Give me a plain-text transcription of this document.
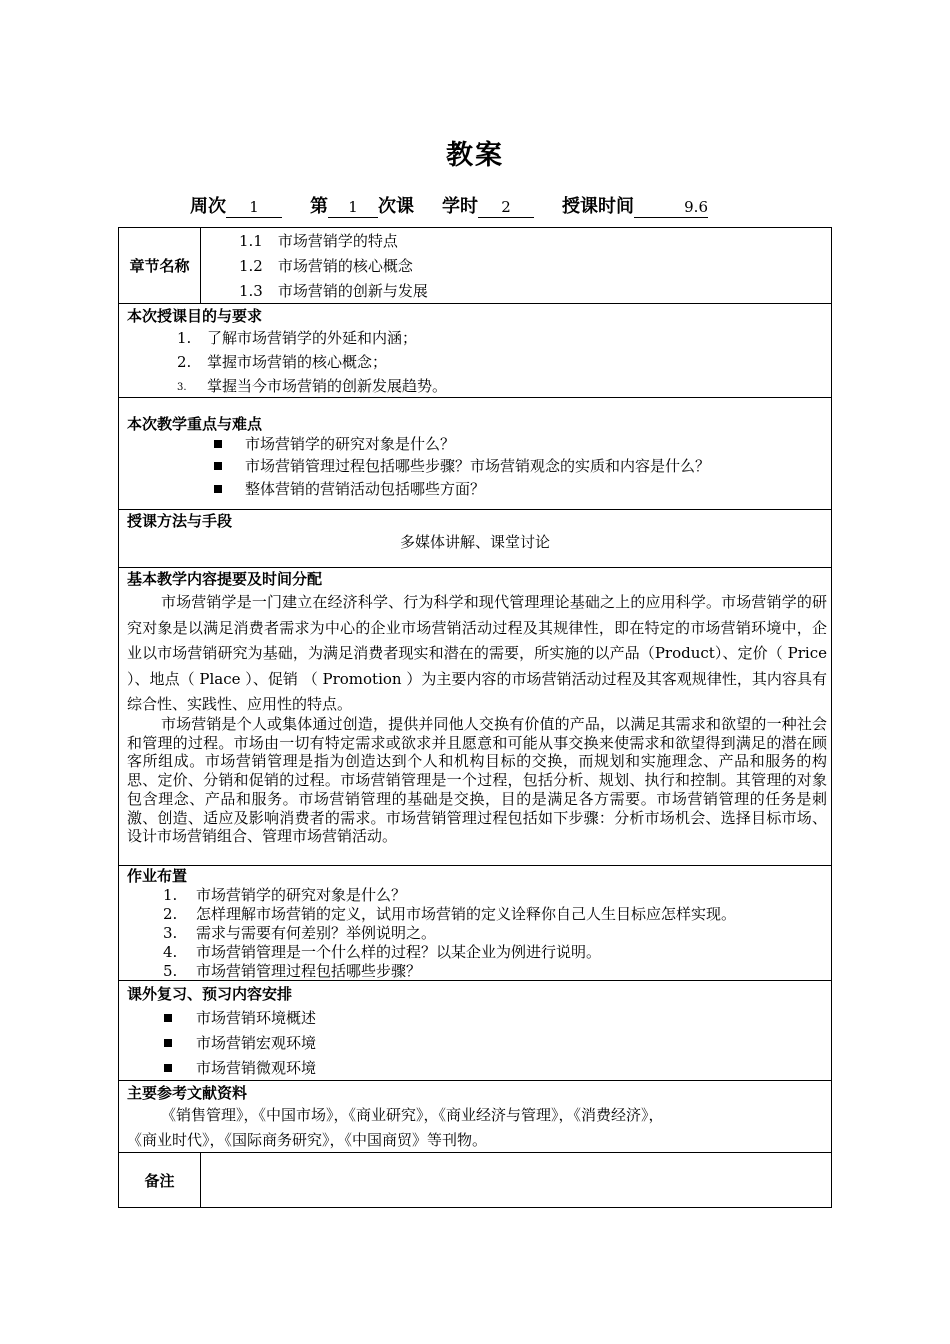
教案
周次	1	第	1	次课 学时	2	授课时间	9.6
章节名称
1.1　市场营销学的特点
1.2　市场营销的核心概念
1.3　市场营销的创新与发展
本次授课目的与要求
1. 了解市场营销学的外延和内涵；
2. 掌握市场营销的核心概念；
3. 掌握当今市场营销的创新发展趋势。
本次教学重点与难点
市场营销学的研究对象是什么？
市场营销管理过程包括哪些步骤？市场营销观念的实质和内容是什么？
整体营销的营销活动包括哪些方面？
授课方法与手段
多媒体讲解、课堂讨论
基本教学内容提要及时间分配
市场营销学是一门建立在经济科学、行为科学和现代管理理论基础之上的应用科学。市场营销学的研究对象是以满足消费者需求为中心的企业市场营销活动过程及其规律性，即在特定的市场营销环境中，企业以市场营销研究为基础，为满足消费者现实和潜在的需要，所实施的以产品（Product）、定价（ Price ）、地点（ Place ）、促销 （ Promotion ）为主要内容的市场营销活动过程及其客观规律性，其内容具有综合性、实践性、应用性的特点。
市场营销是个人或集体通过创造，提供并同他人交换有价值的产品，以满足其需求和欲望的一种社会和管理的过程。市场由一切有特定需求或欲求并且愿意和可能从事交换来使需求和欲望得到满足的潜在顾客所组成。市场营销管理是指为创造达到个人和机构目标的交换，而规划和实施理念、产品和服务的构思、定价、分销和促销的过程。市场营销管理是一个过程，包括分析、规划、执行和控制。其管理的对象包含理念、产品和服务。市场营销管理的基础是交换，目的是满足各方需要。市场营销管理的任务是刺激、创造、适应及影响消费者的需求。市场营销管理过程包括如下步骤：分析市场机会、选择目标市场、设计市场营销组合、管理市场营销活动。
作业布置
1. 市场营销学的研究对象是什么？
2. 怎样理解市场营销的定义，试用市场营销的定义诠释你自己人生目标应怎样实现。
3. 需求与需要有何差别？举例说明之。
4. 市场营销管理是一个什么样的过程？以某企业为例进行说明。
5. 市场营销管理过程包括哪些步骤？
课外复习、预习内容安排
市场营销环境概述
市场营销宏观环境
市场营销微观环境
主要参考文献资料
《销售管理》，《中国市场》，《商业研究》，《商业经济与管理》，《消费经济》，
《商业时代》，《国际商务研究》，《中国商贸》等刊物。
备注
